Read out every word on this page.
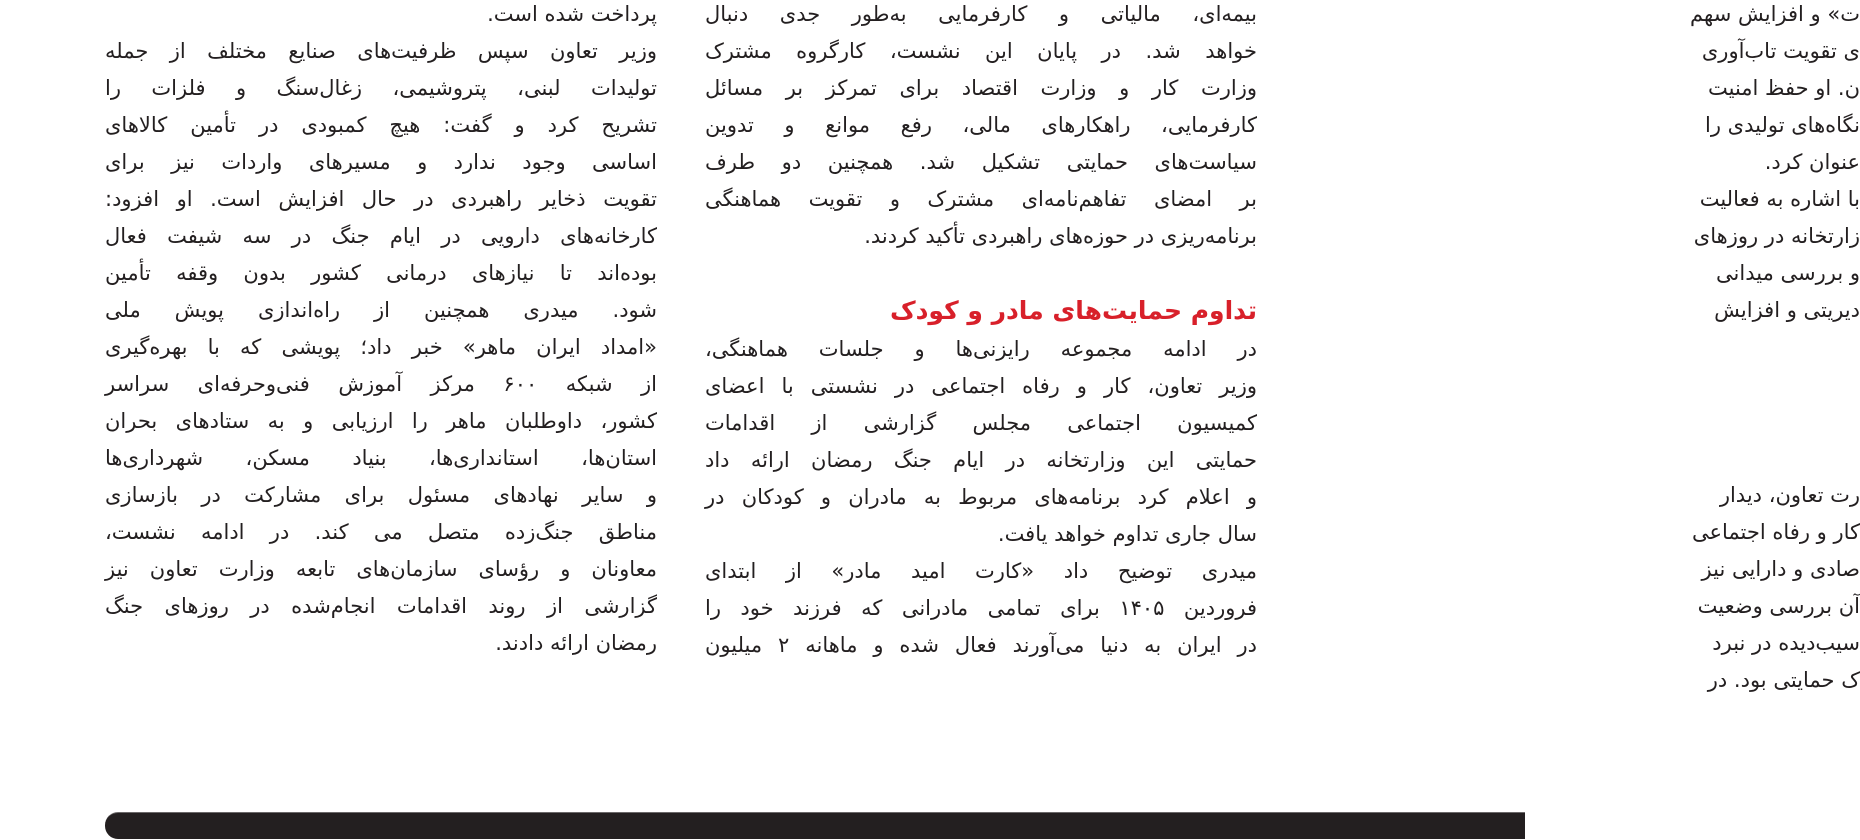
پرداخت شده است.
وزیر تعاون سپس ظرفیت‌های صنایع مختلف از جمله
تولیدات لبنی، پتروشیمی، زغال‌سنگ و فلزات را
تشریح کرد و گفت: هیچ کمبودی در تأمین کالاهای
اساسی وجود ندارد و مسیرهای واردات نیز برای
تقویت ذخایر راهبردی در حال افزایش است. او افزود:
کارخانه‌های دارویی در ایام جنگ در سه شیفت فعال
بوده‌اند تا نیازهای درمانی کشور بدون وقفه تأمین
شود. میدری همچنین از راه‌اندازی پویش ملی
«امداد ایران ماهر» خبر داد؛ پویشی که با بهره‌گیری
از شبکه ۶۰۰ مرکز آموزش فنی‌وحرفه‌ای سراسر
کشور، داوطلبان ماهر را ارزیابی و به ستادهای بحران
استان‌ها، استانداری‌ها، بنیاد مسکن، شهرداری‌ها
و سایر نهادهای مسئول برای مشارکت در بازسازی
مناطق جنگ‌زده متصل می کند. در ادامه نشست،
معاونان و رؤسای سازمان‌های تابعه وزارت تعاون نیز
گزارشی از روند اقدامات انجام‌شده در روزهای جنگ
رمضان ارائه دادند.
بیمه‌ای، مالیاتی و کارفرمایی به‌طور جدی دنبال
خواهد شد. در پایان این نشست، کارگروه مشترک
وزارت کار و وزارت اقتصاد برای تمرکز بر مسائل
کارفرمایی، راهکارهای مالی، رفع موانع و تدوین
سیاست‌های حمایتی تشکیل شد. همچنین دو طرف
بر امضای تفاهم‌نامه‌ای مشترک و تقویت هماهنگی
برنامه‌ریزی در حوزه‌های راهبردی تأکید کردند.
تداوم حمایت‌های مادر و کودک
در ادامه مجموعه رایزنی‌ها و جلسات هماهنگی،
وزیر تعاون، کار و رفاه اجتماعی در نشستی با اعضای
کمیسیون اجتماعی مجلس گزارشی از اقدامات
حمایتی این وزارتخانه در ایام جنگ رمضان ارائه داد
و اعلام کرد برنامه‌های مربوط به مادران و کودکان در
سال جاری تداوم خواهد یافت.
میدری توضیح داد «کارت امید مادر» از ابتدای
فروردین ۱۴۰۵ برای تمامی مادرانی که فرزند خود را
در ایران به دنیا می‌آورند فعال شده و ماهانه ۲ میلیون
ت» و افزایش سهم
ی تقویت تاب‌آوری
ن. او حفظ امنیت
نگاه‌های تولیدی را
عنوان کرد.
با اشاره به فعالیت
زارتخانه در روزهای
و بررسی میدانی
دیریتی و افزایش
رت تعاون، دیدار
کار و رفاه اجتماعی
صادی و دارایی نیز
آن بررسی وضعیت
سیب‌دیده در نبرد
ک حمایتی بود. در
